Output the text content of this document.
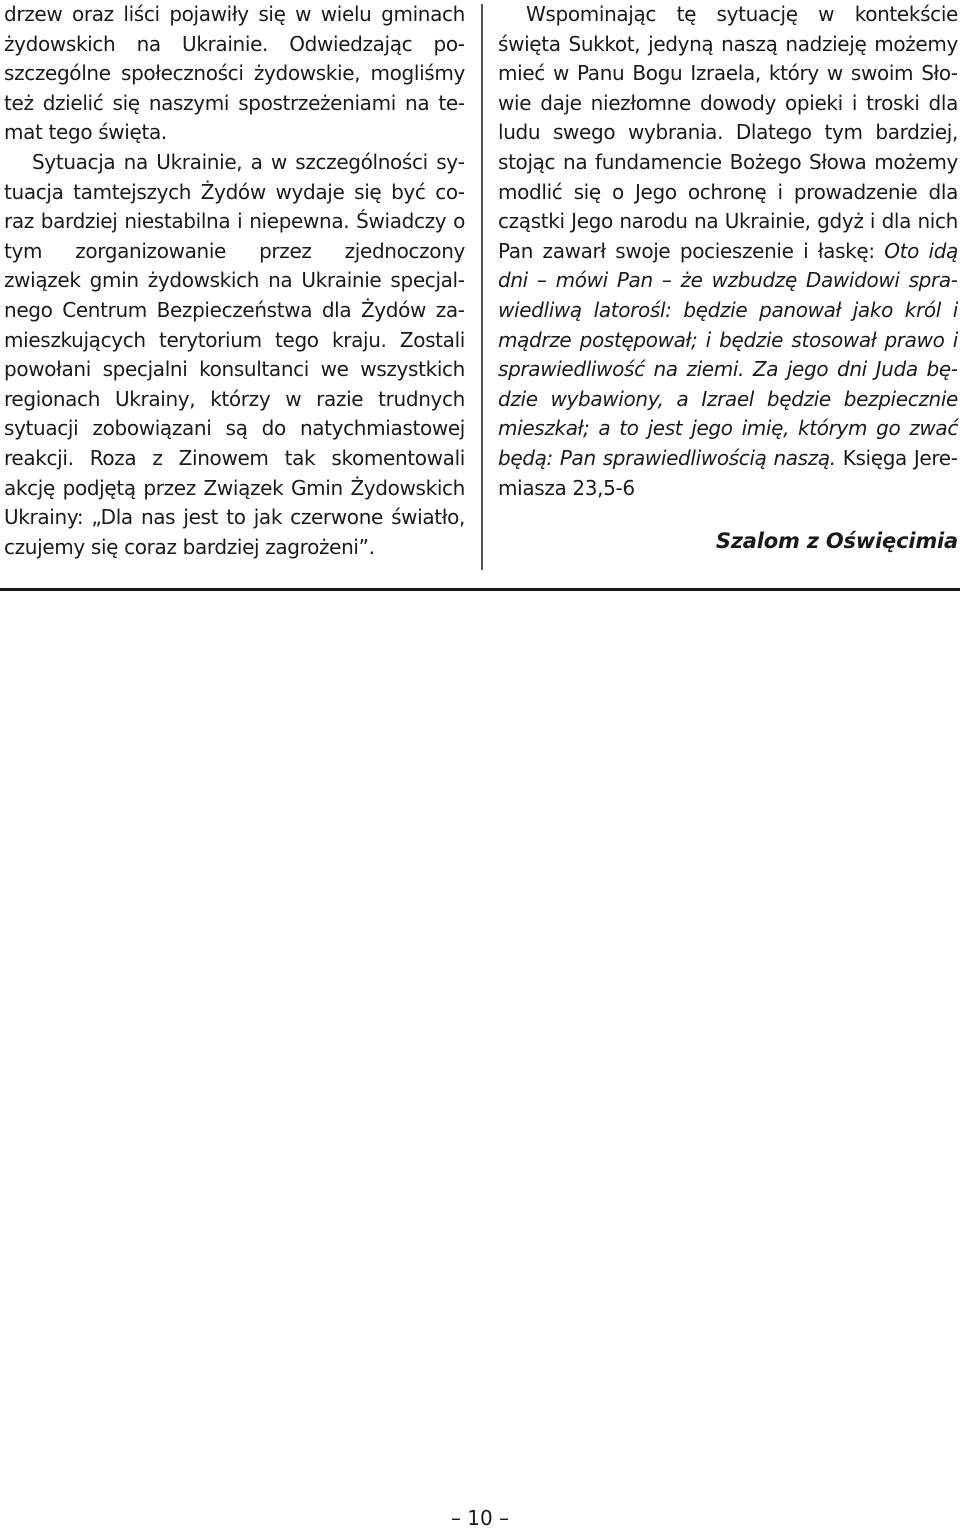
drzew oraz liści pojawiły się w wielu gminach żydowskich na Ukrainie. Odwiedzając poszczególne społeczności żydowskie, mogliśmy też dzielić się naszymi spostrzeżeniami na temat tego święta.

Sytuacja na Ukrainie, a w szczególności sytuacja tamtejszych Żydów wydaje się być coraz bardziej niestabilna i niepewna. Świadczy o tym zorganizowanie przez zjednoczony związek gmin żydowskich na Ukrainie specjalnego Centrum Bezpieczeństwa dla Żydów zamieszkujących terytorium tego kraju. Zostali powołani specjalni konsultanci we wszystkich regionach Ukrainy, którzy w razie trudnych sytuacji zobowiązani są do natychmiastowej reakcji. Roza z Zinowem tak skomentowali akcję podjętą przez Związek Gmin Żydowskich Ukrainy: „Dla nas jest to jak czerwone światło, czujemy się coraz bardziej zagrożeni”.

Wspominając tę sytuację w kontekście święta Sukkot, jedyną naszą nadzieję możemy mieć w Panu Bogu Izraela, który w swoim Słowie daje niezłomne dowody opieki i troski dla ludu swego wybrania. Dlatego tym bardziej, stojąc na fundamencie Bożego Słowa możemy modlić się o Jego ochronę i prowadzenie dla cząstki Jego narodu na Ukrainie, gdyż i dla nich Pan zawarł swoje pocieszenie i łaskę: Oto idą dni – mówi Pan – że wzbudzę Dawidowi sprawiedliwą latorośl: będzie panował jako król i mądrze postępował; i będzie stosował prawo i sprawiedliwość na ziemi. Za jego dni Juda będzie wybawiony, a Izrael będzie bezpiecznie mieszkał; a to jest jego imię, którym go zwać będą: Pan sprawiedliwością naszą. Księga Jeremiasza 23,5-6

Szalom z Oświęcimia

– 10 –
